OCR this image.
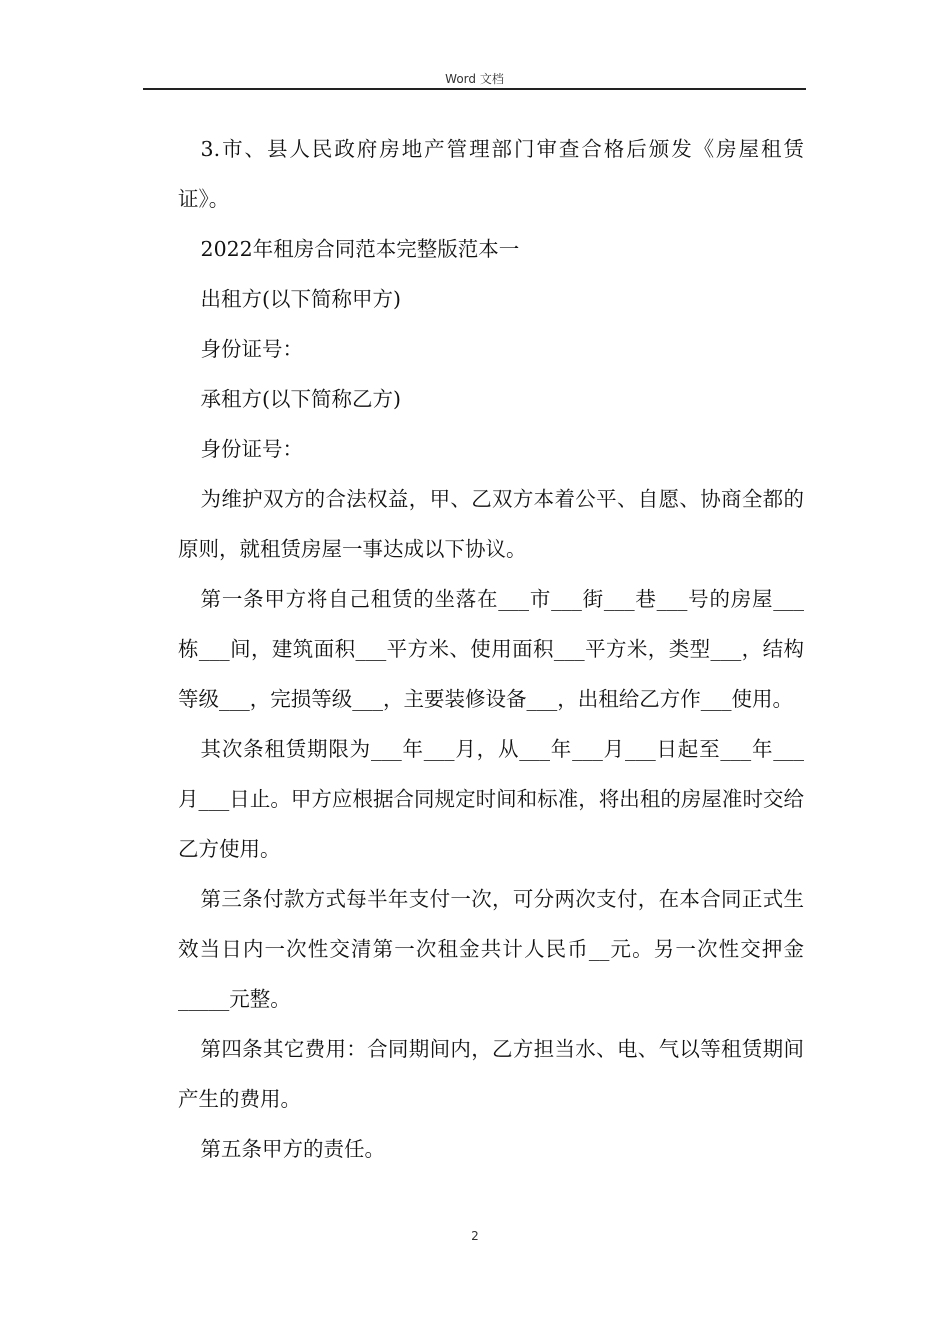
Word 文档

3.市、县人民政府房地产管理部门审查合格后颁发《房屋租赁证》。

2022年租房合同范本完整版范本一

出租方(以下简称甲方)

身份证号：

承租方(以下简称乙方)

身份证号：

为维护双方的合法权益，甲、乙双方本着公平、自愿、协商全都的原则，就租赁房屋一事达成以下协议。

第一条甲方将自己租赁的坐落在___市___街___巷___号的房屋___栋___间，建筑面积___平方米、使用面积___平方米，类型___，结构等级___，完损等级___，主要装修设备___，出租给乙方作___使用。

其次条租赁期限为___年___月，从___年___月___日起至___年___月___日止。甲方应根据合同规定时间和标准，将出租的房屋准时交给乙方使用。

第三条付款方式每半年支付一次，可分两次支付，在本合同正式生效当日内一次性交清第一次租金共计人民币__元。另一次性交押金_____元整。

第四条其它费用：合同期间内，乙方担当水、电、气以等租赁期间产生的费用。

第五条甲方的责任。

2
